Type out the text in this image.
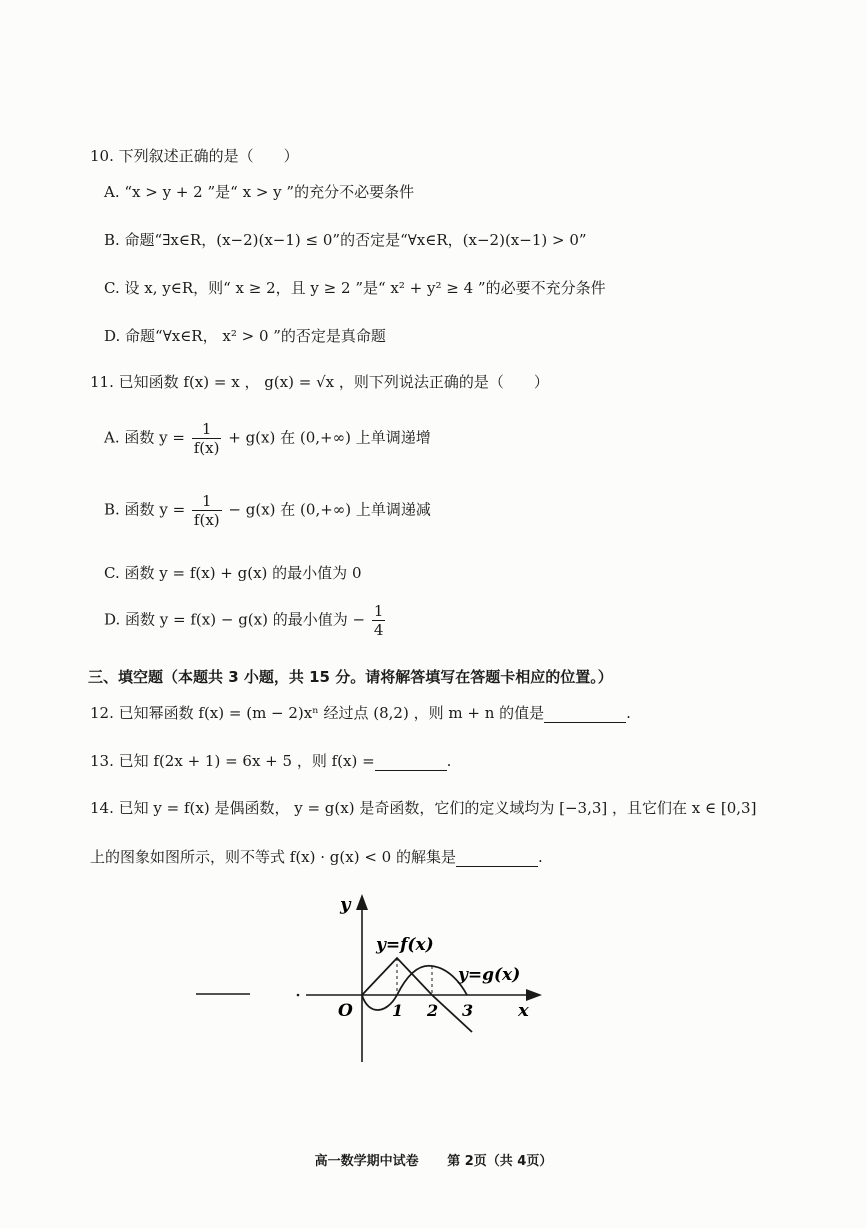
10. 下列叙述正确的是（　　）
A. “x > y + 2 ”是“ x > y ”的充分不必要条件
B. 命题“∃x∈R，(x−2)(x−1) ≤ 0”的否定是“∀x∈R，(x−2)(x−1) > 0”
C. 设 x, y∈R，则“ x ≥ 2，且 y ≥ 2 ”是“ x² + y² ≥ 4 ”的必要不充分条件
D. 命题“∀x∈R， x² > 0 ”的否定是真命题
11. 已知函数 f(x) = x ， g(x) = √x ，则下列说法正确的是（　　）
A. 函数 $y = \frac{1}{f(x)} + g(x)$ 在 (0,+∞) 上单调递增
B. 函数 $y = \frac{1}{f(x)} - g(x)$ 在 (0,+∞) 上单调递减
C. 函数 y = f(x) + g(x) 的最小值为 0
D. 函数 y = f(x) − g(x) 的最小值为 − $\frac{1}{4}$
三、填空题（本题共 3 小题，共 15 分。请将解答填写在答题卡相应的位置。）
12. 已知幂函数 f(x) = (m − 2)xⁿ 经过点 (8,2) ，则 m + n 的值是	.
13. 已知 f(2x + 1) = 6x + 5 ，则 f(x) =	.
14. 已知 y = f(x) 是偶函数， y = g(x) 是奇函数，它们的定义域均为 [−3,3] ，且它们在 x ∈ [0,3]
上的图象如图所示，则不等式 f(x) · g(x) < 0 的解集是	.
y
x
O 1 2 3
y=f(x)
y=g(x)
高一数学期中试卷 第 2页（共 4页）
